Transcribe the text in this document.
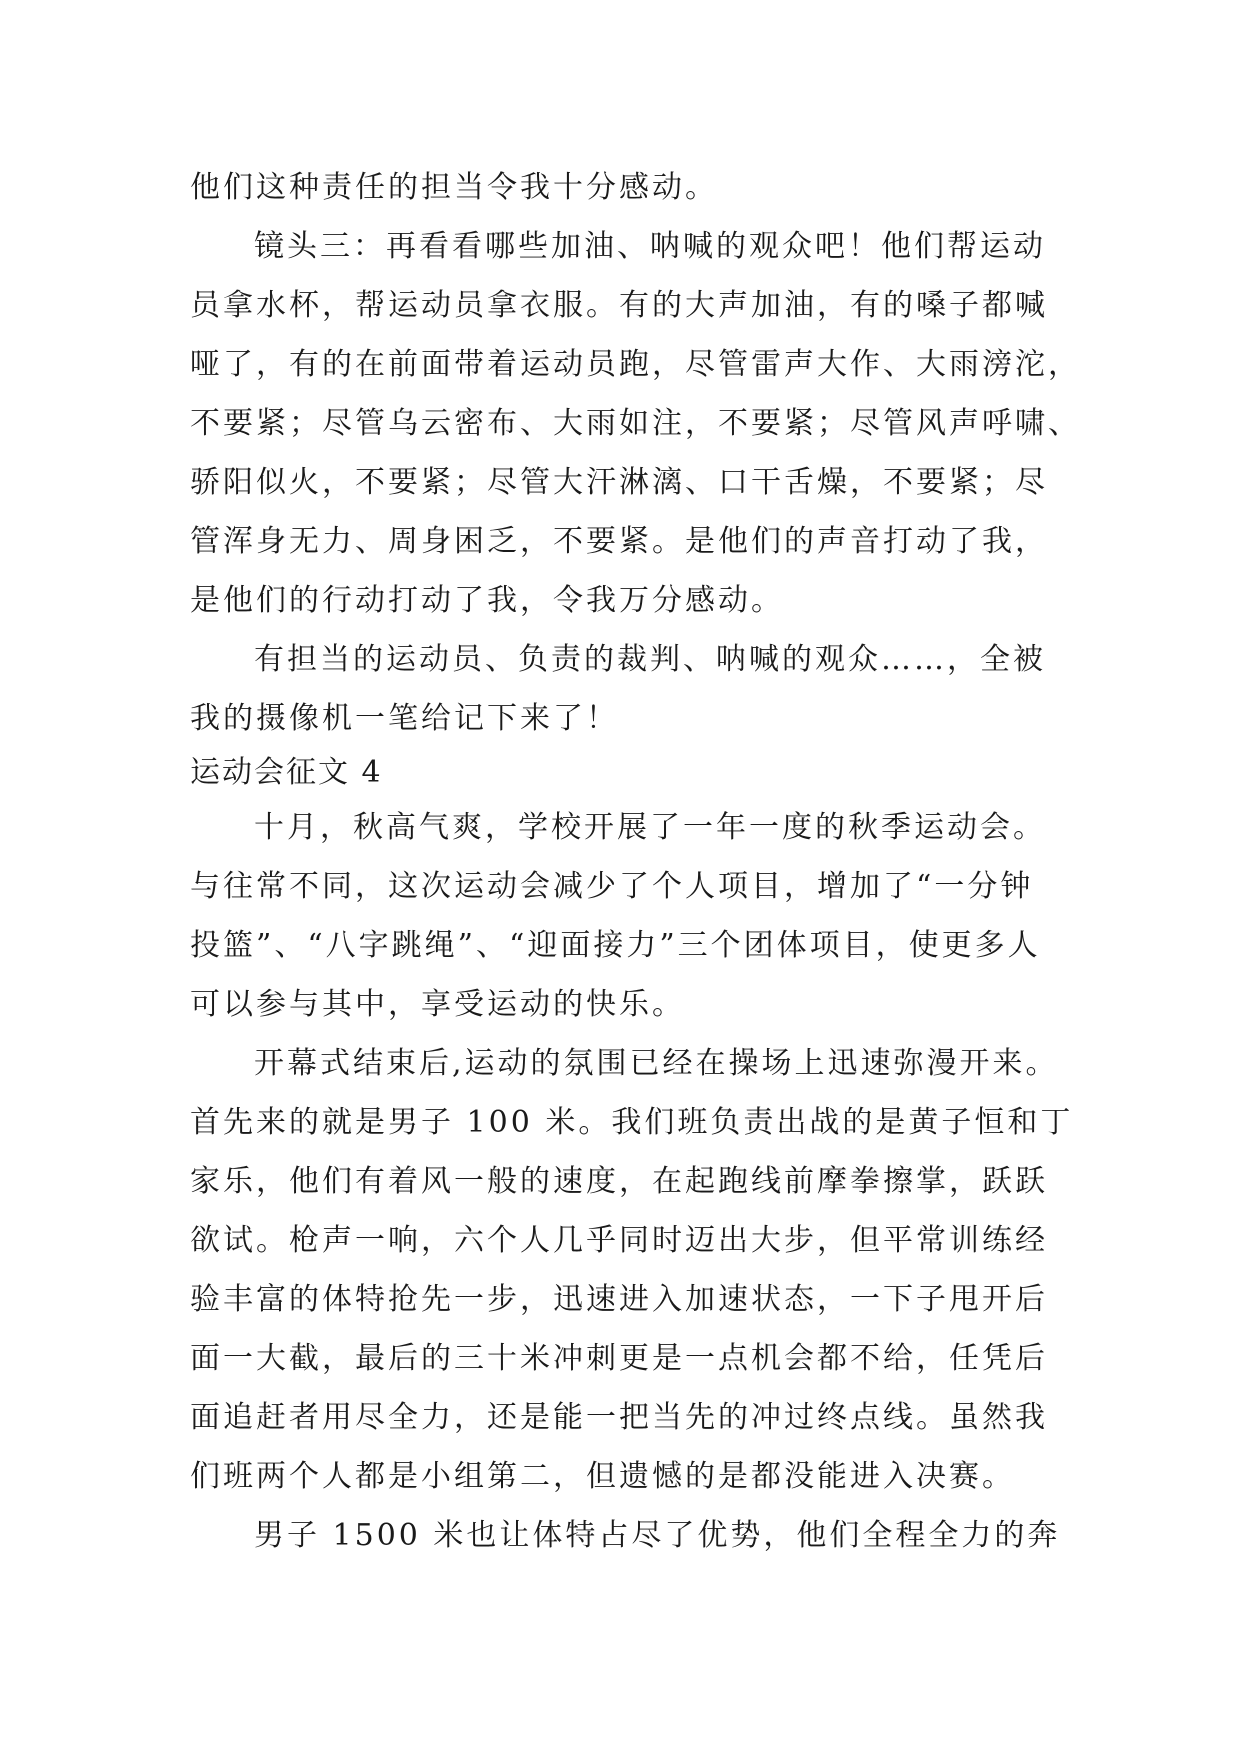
他们这种责任的担当令我十分感动。
镜头三：再看看哪些加油、呐喊的观众吧！他们帮运动
员拿水杯，帮运动员拿衣服。有的大声加油，有的嗓子都喊
哑了，有的在前面带着运动员跑，尽管雷声大作、大雨滂沱，
不要紧；尽管乌云密布、大雨如注，不要紧；尽管风声呼啸、
骄阳似火，不要紧；尽管大汗淋漓、口干舌燥，不要紧；尽
管浑身无力、周身困乏，不要紧。是他们的声音打动了我，
是他们的行动打动了我，令我万分感动。
有担当的运动员、负责的裁判、呐喊的观众……，全被
我的摄像机一笔给记下来了！
运动会征文 4
十月，秋高气爽，学校开展了一年一度的秋季运动会。
与往常不同，这次运动会减少了个人项目，增加了“一分钟
投篮”、“八字跳绳”、“迎面接力”三个团体项目，使更多人
可以参与其中，享受运动的快乐。
开幕式结束后,运动的氛围已经在操场上迅速弥漫开来。
首先来的就是男子 100 米。我们班负责出战的是黄子恒和丁
家乐，他们有着风一般的速度，在起跑线前摩拳擦掌，跃跃
欲试。枪声一响，六个人几乎同时迈出大步，但平常训练经
验丰富的体特抢先一步，迅速进入加速状态，一下子甩开后
面一大截，最后的三十米冲刺更是一点机会都不给，任凭后
面追赶者用尽全力，还是能一把当先的冲过终点线。虽然我
们班两个人都是小组第二，但遗憾的是都没能进入决赛。
男子 1500 米也让体特占尽了优势，他们全程全力的奔
